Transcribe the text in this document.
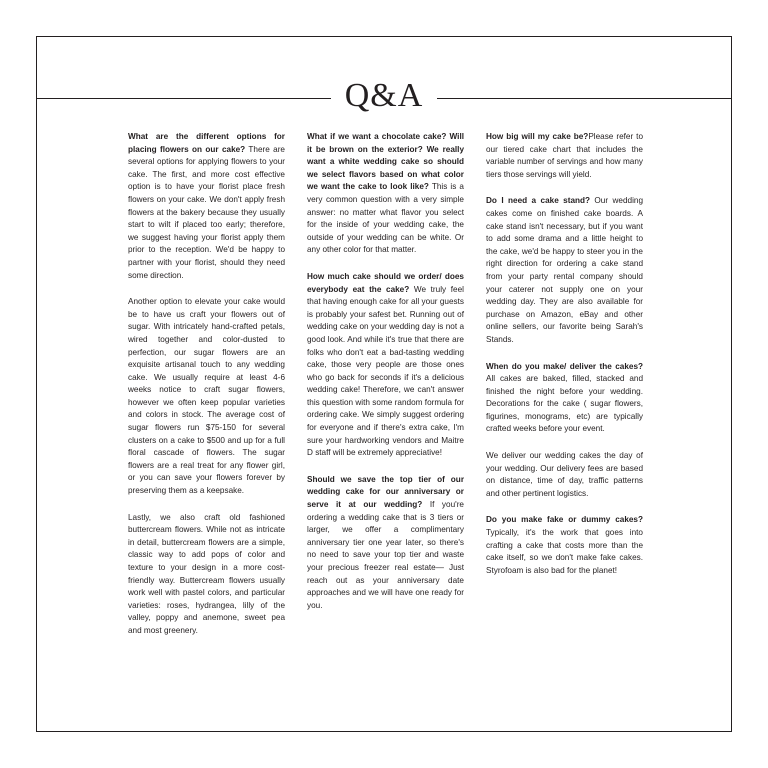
Q&A

What are the different options for placing flowers on our cake? There are several options for applying flowers to your cake. The first, and more cost effective option is to have your florist place fresh flowers on your cake. We don't apply fresh flowers at the bakery because they usually start to wilt if placed too early; therefore, we suggest having your florist apply them prior to the reception. We'd be happy to partner with your florist, should they need some direction.

Another option to elevate your cake would be to have us craft your flowers out of sugar. With intricately hand-crafted petals, wired together and color-dusted to perfection, our sugar flowers are an exquisite artisanal touch to any wedding cake. We usually require at least 4-6 weeks notice to craft sugar flowers, however we often keep popular varieties and colors in stock. The average cost of sugar flowers run $75-150 for several clusters on a cake to $500 and up for a full floral cascade of flowers. The sugar flowers are a real treat for any flower girl, or you can save your flowers forever by preserving them as a keepsake.

Lastly, we also craft old fashioned buttercream flowers. While not as intricate in detail, buttercream flowers are a simple, classic way to add pops of color and texture to your design in a more cost-friendly way. Buttercream flowers usually work well with pastel colors, and particular varieties: roses, hydrangea, lilly of the valley, poppy and anemone, sweet pea and most greenery.

What if we want a chocolate cake? Will it be brown on the exterior? We really want a white wedding cake so should we select flavors based on what color we want the cake to look like? This is a very common question with a very simple answer: no matter what flavor you select for the inside of your wedding cake, the outside of your wedding can be white. Or any other color for that matter.

How much cake should we order/ does everybody eat the cake? We truly feel that having enough cake for all your guests is probably your safest bet. Running out of wedding cake on your wedding day is not a good look. And while it's true that there are folks who don't eat a bad-tasting wedding cake, those very people are those ones who go back for seconds if it's a delicious wedding cake! Therefore, we can't answer this question with some random formula for ordering cake. We simply suggest ordering for everyone and if there's extra cake, I'm sure your hardworking vendors and Maitre D staff will be extremely appreciative!

Should we save the top tier of our wedding cake for our anniversary or serve it at our wedding? If you're ordering a wedding cake that is 3 tiers or larger, we offer a complimentary anniversary tier one year later, so there's no need to save your top tier and waste your precious freezer real estate— Just reach out as your anniversary date approaches and we will have one ready for you.

How big will my cake be?Please refer to our tiered cake chart that includes the variable number of servings and how many tiers those servings will yield.

Do I need a cake stand? Our wedding cakes come on finished cake boards. A cake stand isn't necessary, but if you want to add some drama and a little height to the cake, we'd be happy to steer you in the right direction for ordering a cake stand from your party rental company should your caterer not supply one on your wedding day. They are also available for purchase on Amazon, eBay and other online sellers, our favorite being Sarah's Stands.

When do you make/ deliver the cakes? All cakes are baked, filled, stacked and finished the night before your wedding. Decorations for the cake ( sugar flowers, figurines, monograms, etc) are typically crafted weeks before your event.

We deliver our wedding cakes the day of your wedding. Our delivery fees are based on distance, time of day, traffic patterns and other pertinent logistics.

Do you make fake or dummy cakes? Typically, it's the work that goes into crafting a cake that costs more than the cake itself, so we don't make fake cakes. Styrofoam is also bad for the planet!
